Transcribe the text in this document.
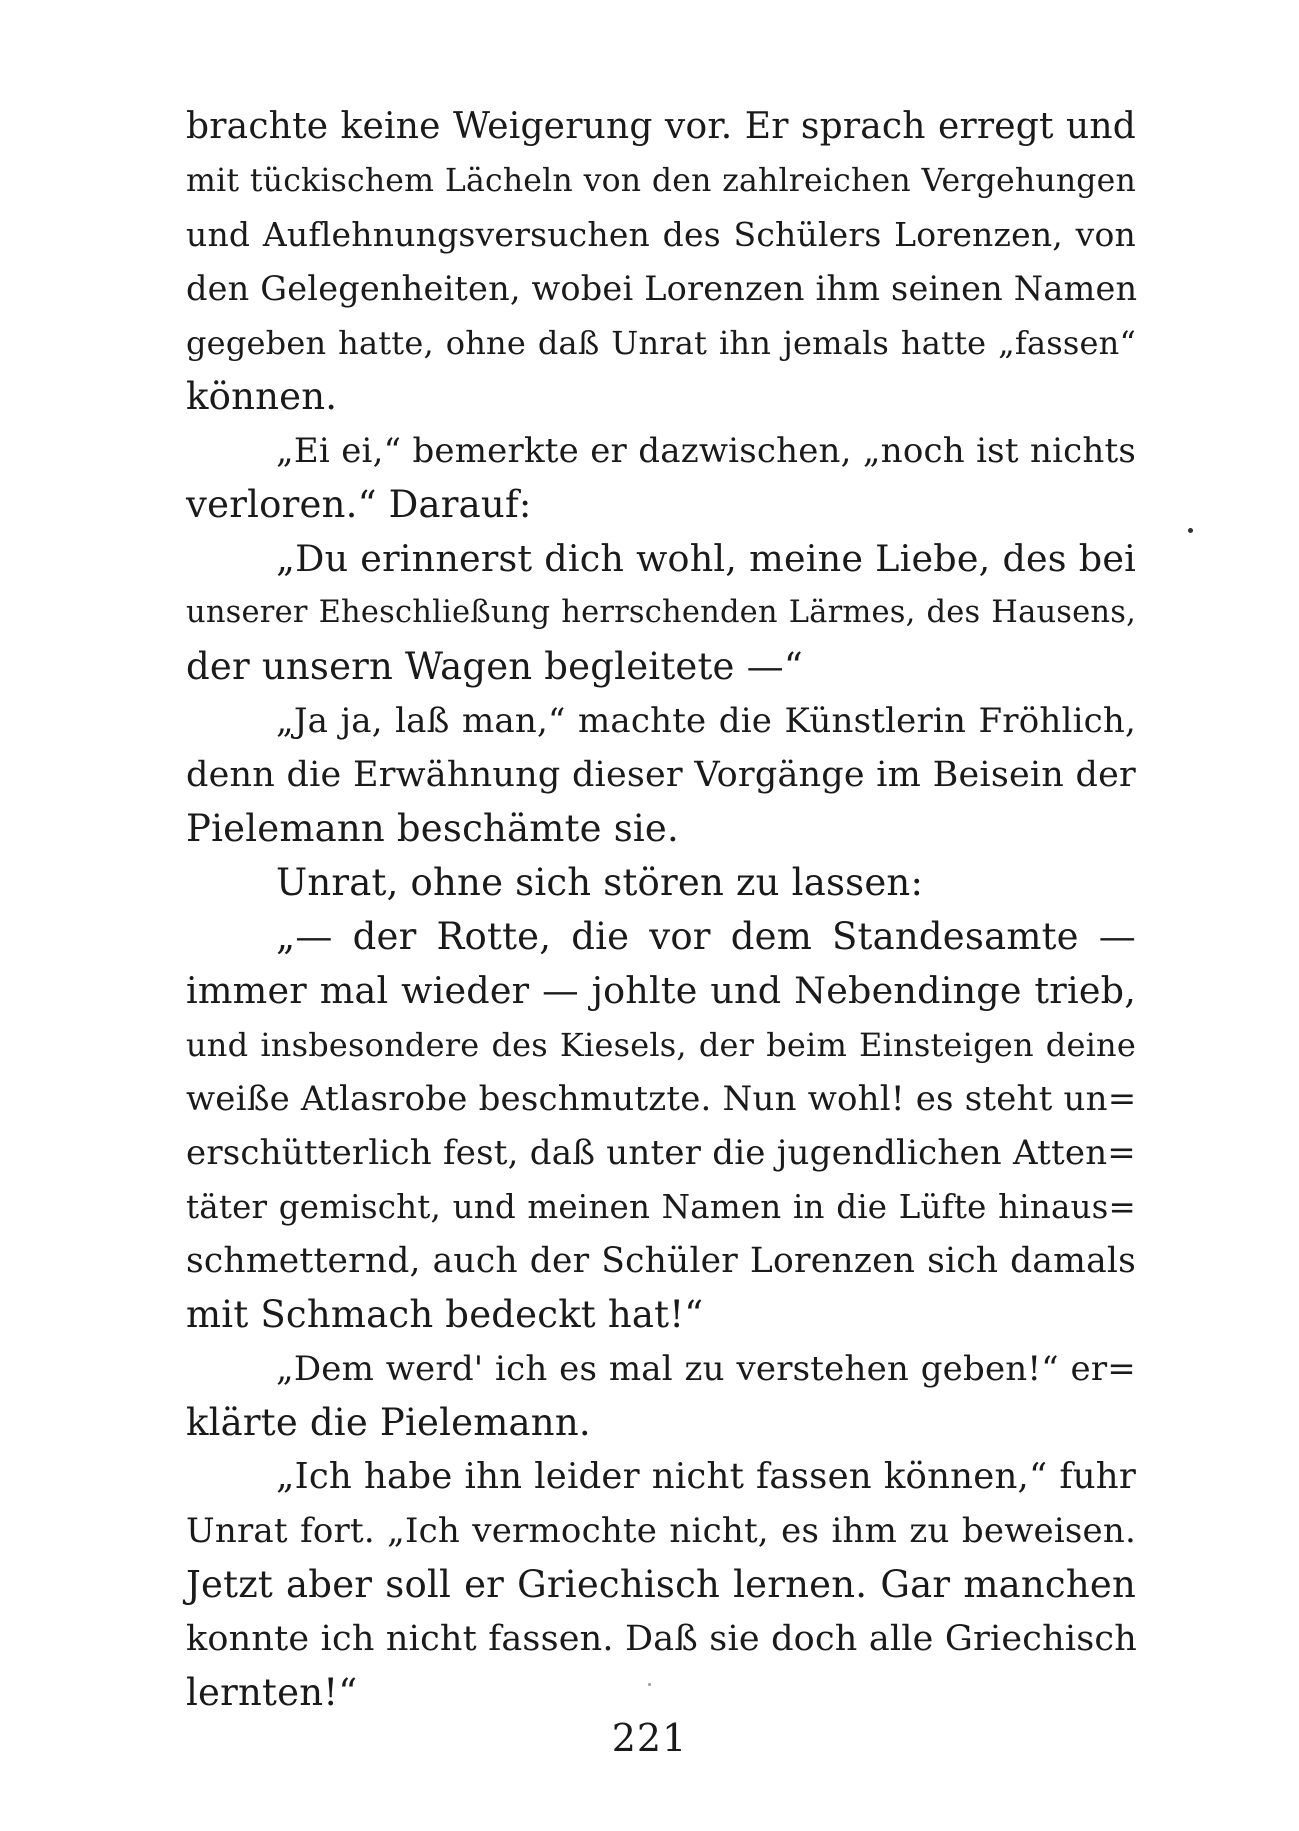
brachte keine Weigerung vor. Er sprach erregt und
mit tückischem Lächeln von den zahlreichen Vergehungen
und Auflehnungsversuchen des Schülers Lorenzen, von
den Gelegenheiten, wobei Lorenzen ihm seinen Namen
gegeben hatte, ohne daß Unrat ihn jemals hatte „fassen“
können.
„Ei ei,“ bemerkte er dazwischen, „noch ist nichts
verloren.“ Darauf:
„Du erinnerst dich wohl, meine Liebe, des bei
unserer Eheschließung herrschenden Lärmes, des Hausens,
der unsern Wagen begleitete —“
„Ja ja, laß man,“ machte die Künstlerin Fröhlich,
denn die Erwähnung dieser Vorgänge im Beisein der
Pielemann beschämte sie.
Unrat, ohne sich stören zu lassen:
„— der Rotte, die vor dem Standesamte —
immer mal wieder — johlte und Nebendinge trieb,
und insbesondere des Kiesels, der beim Einsteigen deine
weiße Atlasrobe beschmutzte. Nun wohl! es steht un=
erschütterlich fest, daß unter die jugendlichen Atten=
täter gemischt, und meinen Namen in die Lüfte hinaus=
schmetternd, auch der Schüler Lorenzen sich damals
mit Schmach bedeckt hat!“
„Dem werd' ich es mal zu verstehen geben!“ er=
klärte die Pielemann.
„Ich habe ihn leider nicht fassen können,“ fuhr
Unrat fort. „Ich vermochte nicht, es ihm zu beweisen.
Jetzt aber soll er Griechisch lernen. Gar manchen
konnte ich nicht fassen. Daß sie doch alle Griechisch
lernten!“
221
